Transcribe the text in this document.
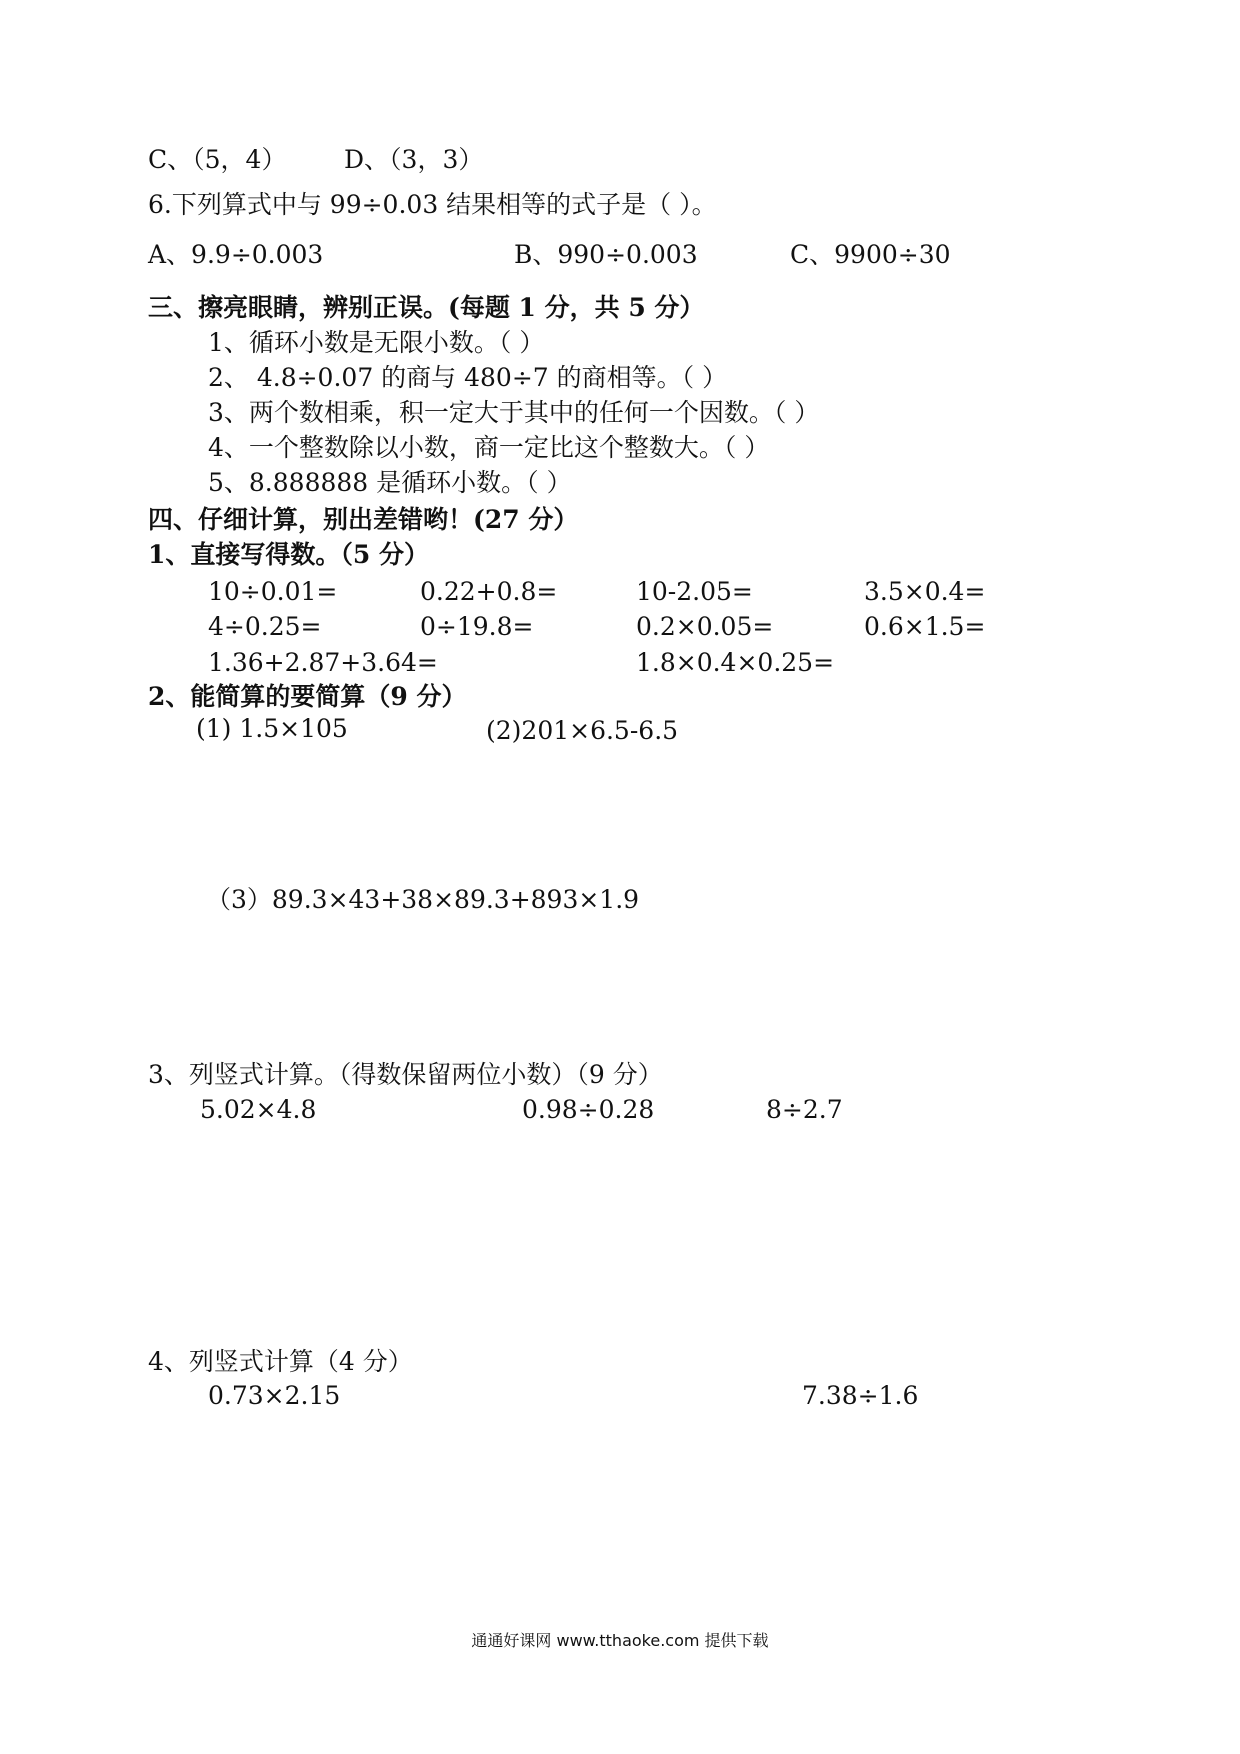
C、（5，4） D、（3，3）
6.下列算式中与 99÷0.03 结果相等的式子是（ ）。
A、9.9÷0.003	B、990÷0.003	C、9900÷30
三、擦亮眼睛，辨别正误。(每题 1 分，共 5 分）
1、循环小数是无限小数。（ ）
2、 4.8÷0.07 的商与 480÷7 的商相等。（ ）
3、两个数相乘，积一定大于其中的任何一个因数。（ ）
4、一个整数除以小数，商一定比这个整数大。（ ）
5、8.888888 是循环小数。（ ）
四、仔细计算，别出差错哟！(27 分）
1、直接写得数。（5 分）
10÷0.01=	0.22+0.8=	10-2.05=	3.5×0.4=
4÷0.25=	0÷19.8=	0.2×0.05=	0.6×1.5=
1.36+2.87+3.64=	1.8×0.4×0.25=
2、能简算的要简算（9 分）
(1) 1.5×105	(2)201×6.5-6.5
（3）89.3×43+38×89.3+893×1.9
3、列竖式计算。（得数保留两位小数）（9 分）
5.02×4.8	0.98÷0.28	8÷2.7
4、列竖式计算（4 分）
0.73×2.15	7.38÷1.6
通通好课网 www.tthaoke.com 提供下载
